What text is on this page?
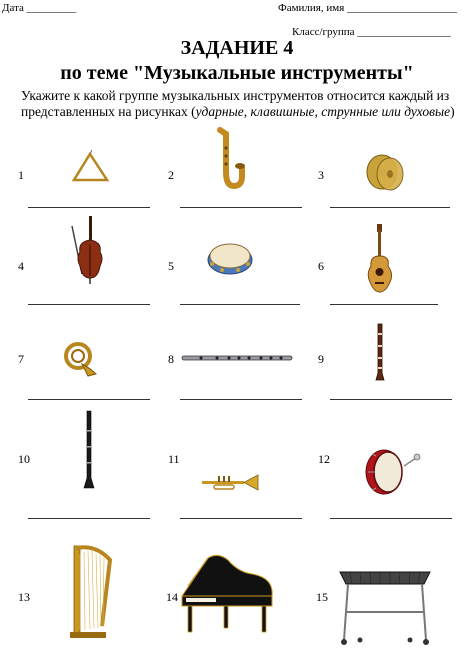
Дата _________	Фамилия, имя ____________________
Класс/группа _________________
ЗАДАНИЕ 4
по теме "Музыкальные инструменты"
Укажите к какой группе музыкальных инструментов относится каждый из представленных на рисунках (ударные, клавишные, струнные или духовые)
1	2	3
4	5	6
7	8	9
10	11	12
13	14	15
